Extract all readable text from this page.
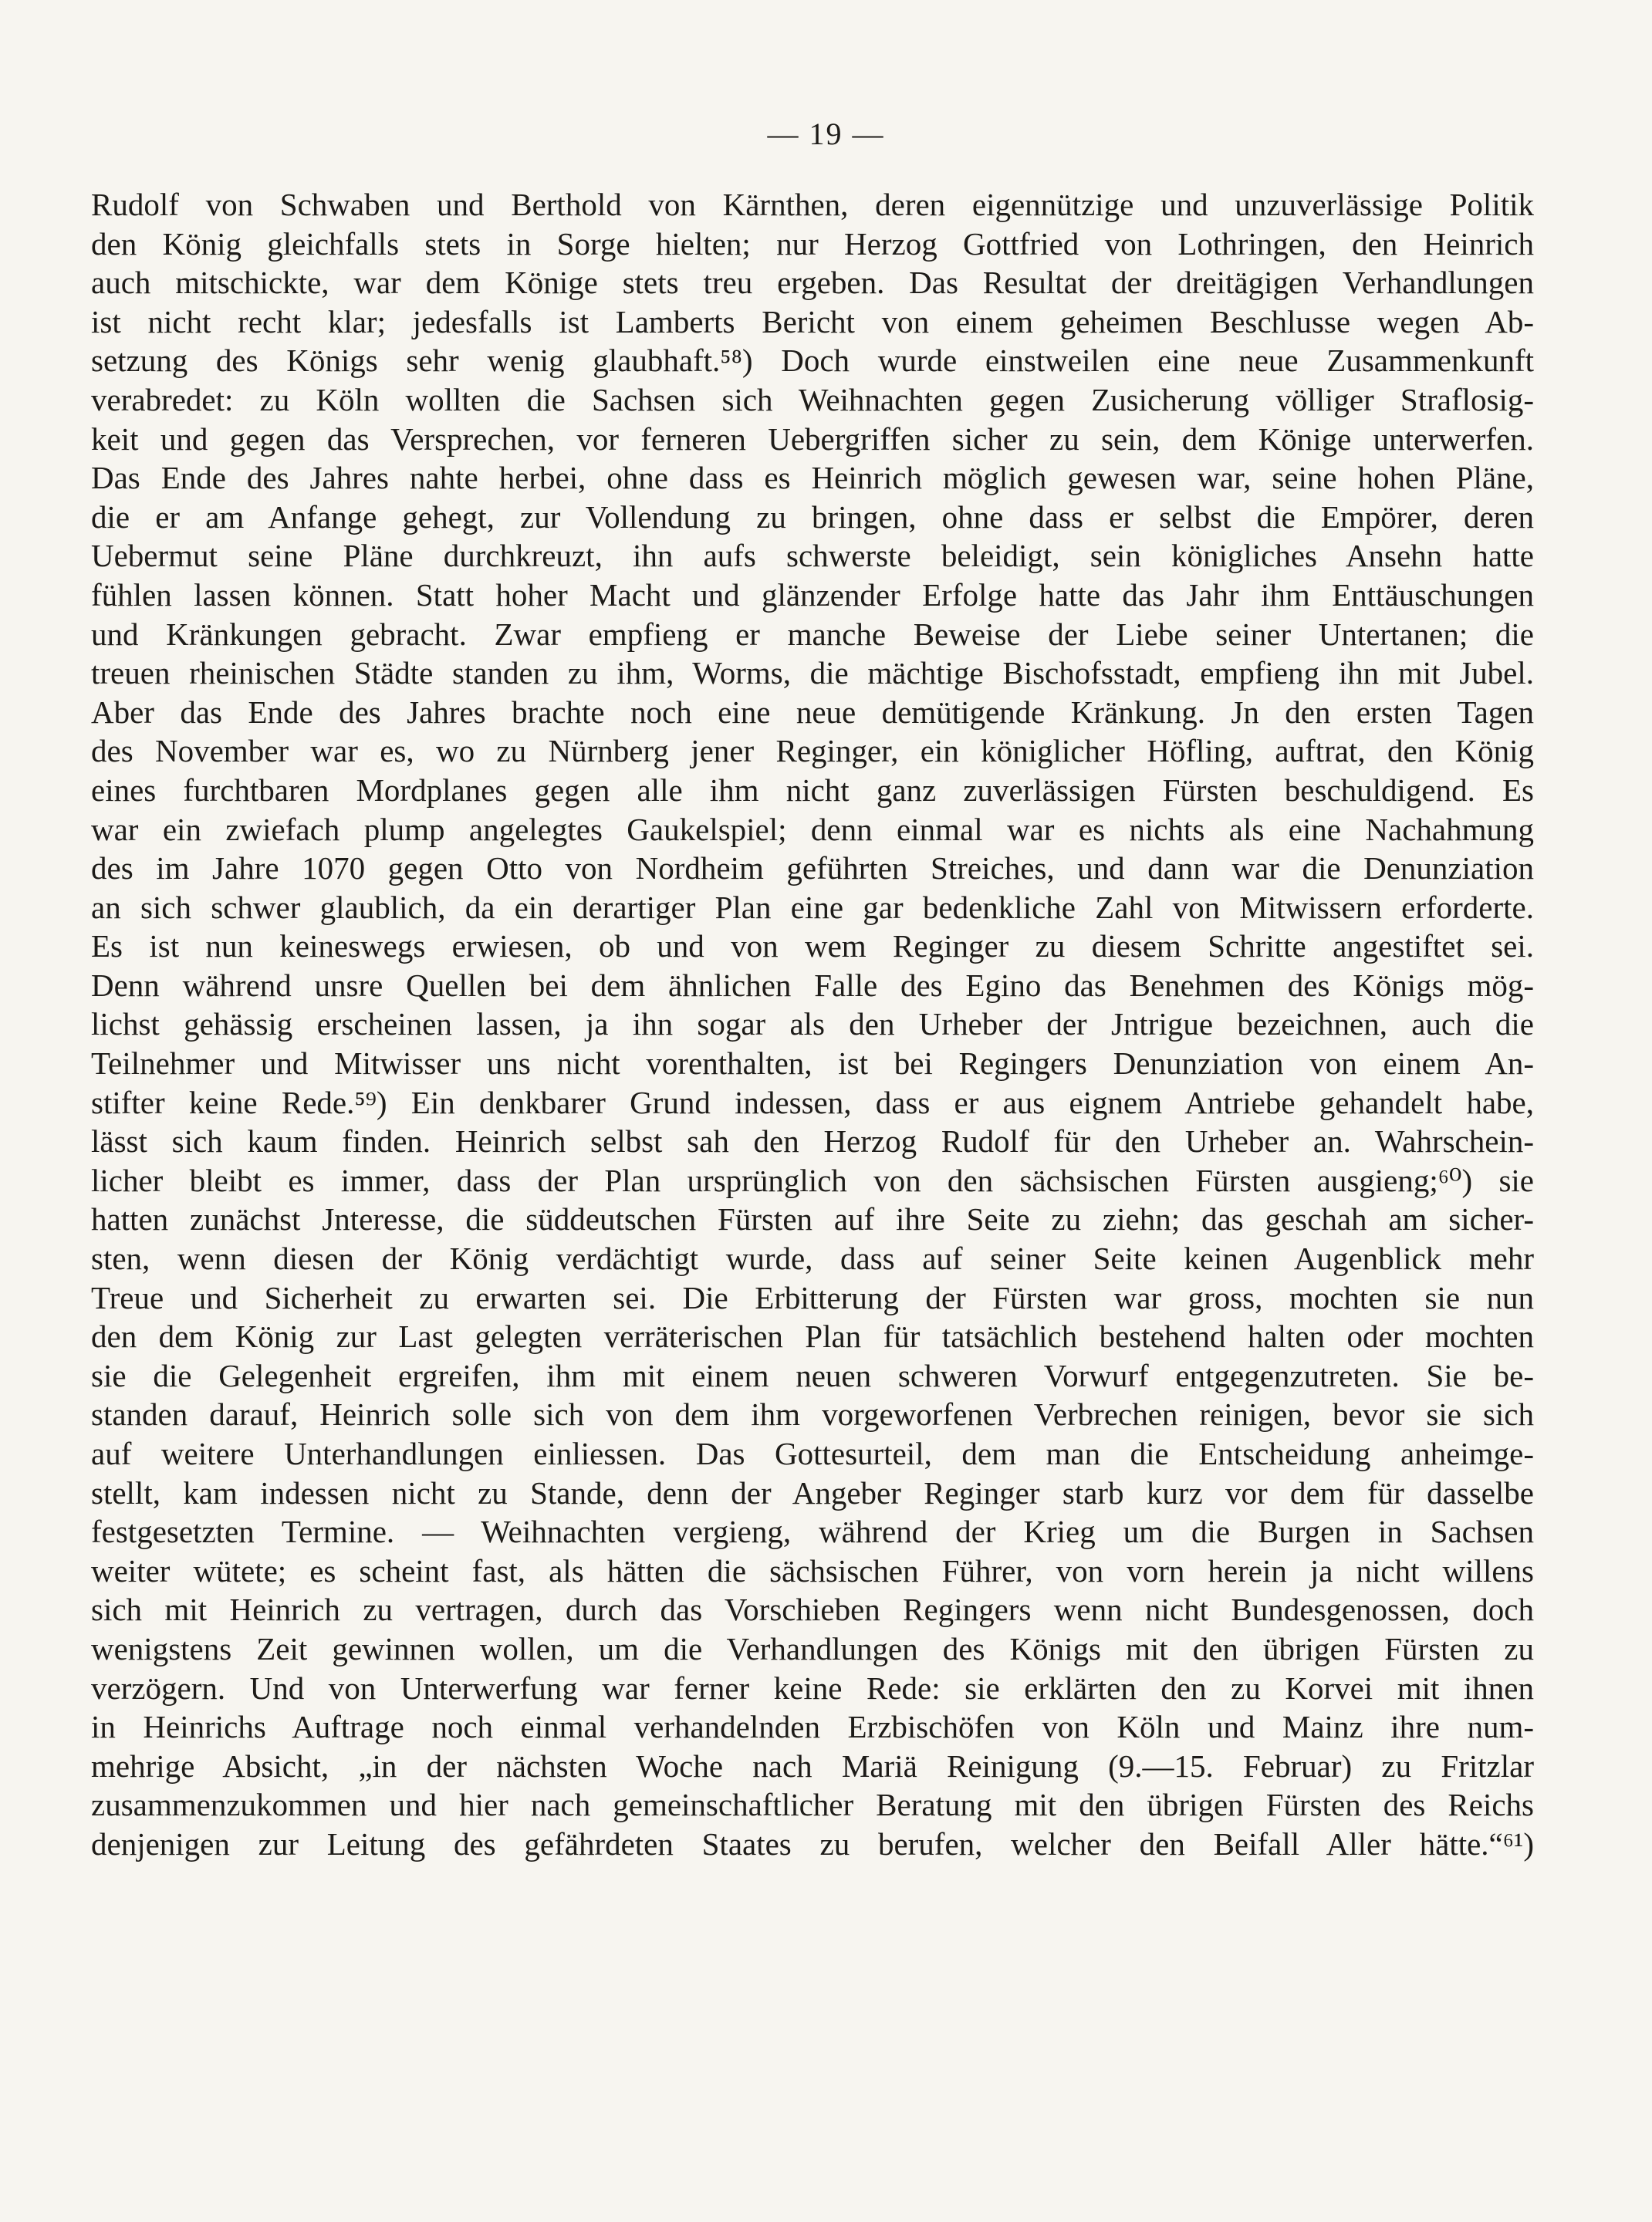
— 19 —
Rudolf von Schwaben und Berthold von Kärnthen, deren eigennützige und unzuverlässige Politik
den König gleichfalls stets in Sorge hielten; nur Herzog Gottfried von Lothringen, den Heinrich
auch mitschickte, war dem Könige stets treu ergeben. Das Resultat der dreitägigen Verhandlungen
ist nicht recht klar; jedesfalls ist Lamberts Bericht von einem geheimen Beschlusse wegen Ab-
setzung des Königs sehr wenig glaubhaft.⁵⁸) Doch wurde einstweilen eine neue Zusammenkunft
verabredet: zu Köln wollten die Sachsen sich Weihnachten gegen Zusicherung völliger Straflosig-
keit und gegen das Versprechen, vor ferneren Uebergriffen sicher zu sein, dem Könige unterwerfen.
Das Ende des Jahres nahte herbei, ohne dass es Heinrich möglich gewesen war, seine hohen Pläne,
die er am Anfange gehegt, zur Vollendung zu bringen, ohne dass er selbst die Empörer, deren
Uebermut seine Pläne durchkreuzt, ihn aufs schwerste beleidigt, sein königliches Ansehn hatte
fühlen lassen können. Statt hoher Macht und glänzender Erfolge hatte das Jahr ihm Enttäuschungen
und Kränkungen gebracht. Zwar empfieng er manche Beweise der Liebe seiner Untertanen; die
treuen rheinischen Städte standen zu ihm, Worms, die mächtige Bischofsstadt, empfieng ihn mit Jubel.
Aber das Ende des Jahres brachte noch eine neue demütigende Kränkung. Jn den ersten Tagen
des November war es, wo zu Nürnberg jener Reginger, ein königlicher Höfling, auftrat, den König
eines furchtbaren Mordplanes gegen alle ihm nicht ganz zuverlässigen Fürsten beschuldigend. Es
war ein zwiefach plump angelegtes Gaukelspiel; denn einmal war es nichts als eine Nachahmung
des im Jahre 1070 gegen Otto von Nordheim geführten Streiches, und dann war die Denunziation
an sich schwer glaublich, da ein derartiger Plan eine gar bedenkliche Zahl von Mitwissern erforderte.
Es ist nun keineswegs erwiesen, ob und von wem Reginger zu diesem Schritte angestiftet sei.
Denn während unsre Quellen bei dem ähnlichen Falle des Egino das Benehmen des Königs mög-
lichst gehässig erscheinen lassen, ja ihn sogar als den Urheber der Jntrigue bezeichnen, auch die
Teilnehmer und Mitwisser uns nicht vorenthalten, ist bei Regingers Denunziation von einem An-
stifter keine Rede.⁵⁹) Ein denkbarer Grund indessen, dass er aus eignem Antriebe gehandelt habe,
lässt sich kaum finden. Heinrich selbst sah den Herzog Rudolf für den Urheber an. Wahrschein-
licher bleibt es immer, dass der Plan ursprünglich von den sächsischen Fürsten ausgieng;⁶⁰) sie
hatten zunächst Jnteresse, die süddeutschen Fürsten auf ihre Seite zu ziehn; das geschah am sicher-
sten, wenn diesen der König verdächtigt wurde, dass auf seiner Seite keinen Augenblick mehr
Treue und Sicherheit zu erwarten sei. Die Erbitterung der Fürsten war gross, mochten sie nun
den dem König zur Last gelegten verräterischen Plan für tatsächlich bestehend halten oder mochten
sie die Gelegenheit ergreifen, ihm mit einem neuen schweren Vorwurf entgegenzutreten. Sie be-
standen darauf, Heinrich solle sich von dem ihm vorgeworfenen Verbrechen reinigen, bevor sie sich
auf weitere Unterhandlungen einliessen. Das Gottesurteil, dem man die Entscheidung anheimge-
stellt, kam indessen nicht zu Stande, denn der Angeber Reginger starb kurz vor dem für dasselbe
festgesetzten Termine. — Weihnachten vergieng, während der Krieg um die Burgen in Sachsen
weiter wütete; es scheint fast, als hätten die sächsischen Führer, von vorn herein ja nicht willens
sich mit Heinrich zu vertragen, durch das Vorschieben Regingers wenn nicht Bundesgenossen, doch
wenigstens Zeit gewinnen wollen, um die Verhandlungen des Königs mit den übrigen Fürsten zu
verzögern. Und von Unterwerfung war ferner keine Rede: sie erklärten den zu Korvei mit ihnen
in Heinrichs Auftrage noch einmal verhandelnden Erzbischöfen von Köln und Mainz ihre num-
mehrige Absicht, „in der nächsten Woche nach Mariä Reinigung (9.—15. Februar) zu Fritzlar
zusammenzukommen und hier nach gemeinschaftlicher Beratung mit den übrigen Fürsten des Reichs
denjenigen zur Leitung des gefährdeten Staates zu berufen, welcher den Beifall Aller hätte.“⁶¹)
